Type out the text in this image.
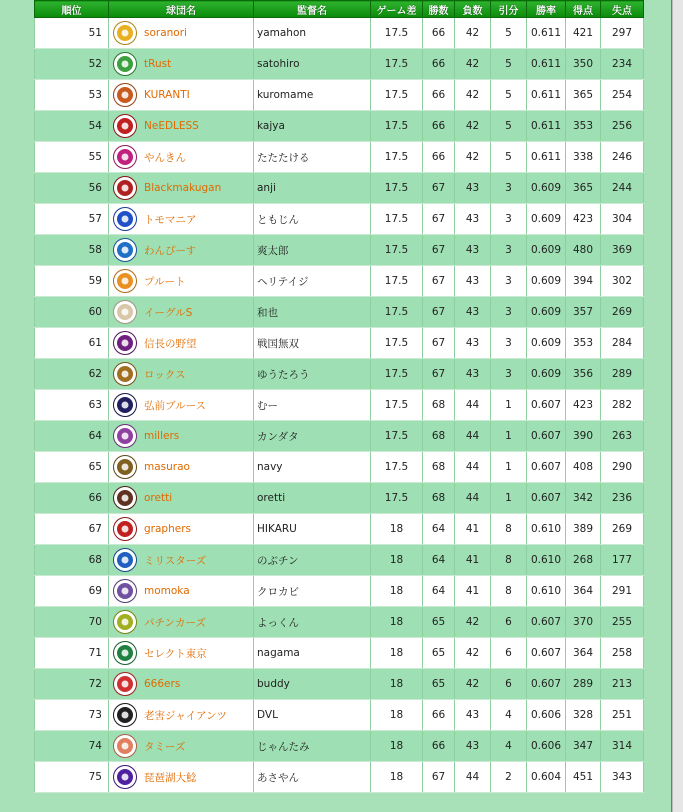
順位	球団名	監督名	ゲーム差	勝数	負数	引分	勝率	得点	失点
51	soranori	yamahon	17.5	66	42	5	0.611	421	297
52	tRust	satohiro	17.5	66	42	5	0.611	350	234
53	KURANTI	kuromame	17.5	66	42	5	0.611	365	254
54	NeEDLESS	kajya	17.5	66	42	5	0.611	353	256
55	やんきん	たたたける	17.5	66	42	5	0.611	338	246
56	Blackmakugan	anji	17.5	67	43	3	0.609	365	244
57	トモマニア	ともじん	17.5	67	43	3	0.609	423	304
58	わんぴーす	爽太郎	17.5	67	43	3	0.609	480	369
59	プルート	ヘリテイジ	17.5	67	43	3	0.609	394	302
60	イーグルS	和也	17.5	67	43	3	0.609	357	269
61	信長の野望	戦国無双	17.5	67	43	3	0.609	353	284
62	ロックス	ゆうたろう	17.5	67	43	3	0.609	356	289
63	弘前ブルース	むー	17.5	68	44	1	0.607	423	282
64	millers	カンダタ	17.5	68	44	1	0.607	390	263
65	masurao	navy	17.5	68	44	1	0.607	408	290
66	oretti	oretti	17.5	68	44	1	0.607	342	236
67	graphers	HIKARU	18	64	41	8	0.610	389	269
68	ミリスターズ	のぶチン	18	64	41	8	0.610	268	177
69	momoka	クロカビ	18	64	41	8	0.610	364	291
70	パチンカーズ	よっくん	18	65	42	6	0.607	370	255
71	セレクト東京	nagama	18	65	42	6	0.607	364	258
72	666ers	buddy	18	65	42	6	0.607	289	213
73	老害ジャイアンツ	DVL	18	66	43	4	0.606	328	251
74	タミーズ	じゃんたみ	18	66	43	4	0.606	347	314
75	琵琶湖大鯰	あさやん	18	67	44	2	0.604	451	343
